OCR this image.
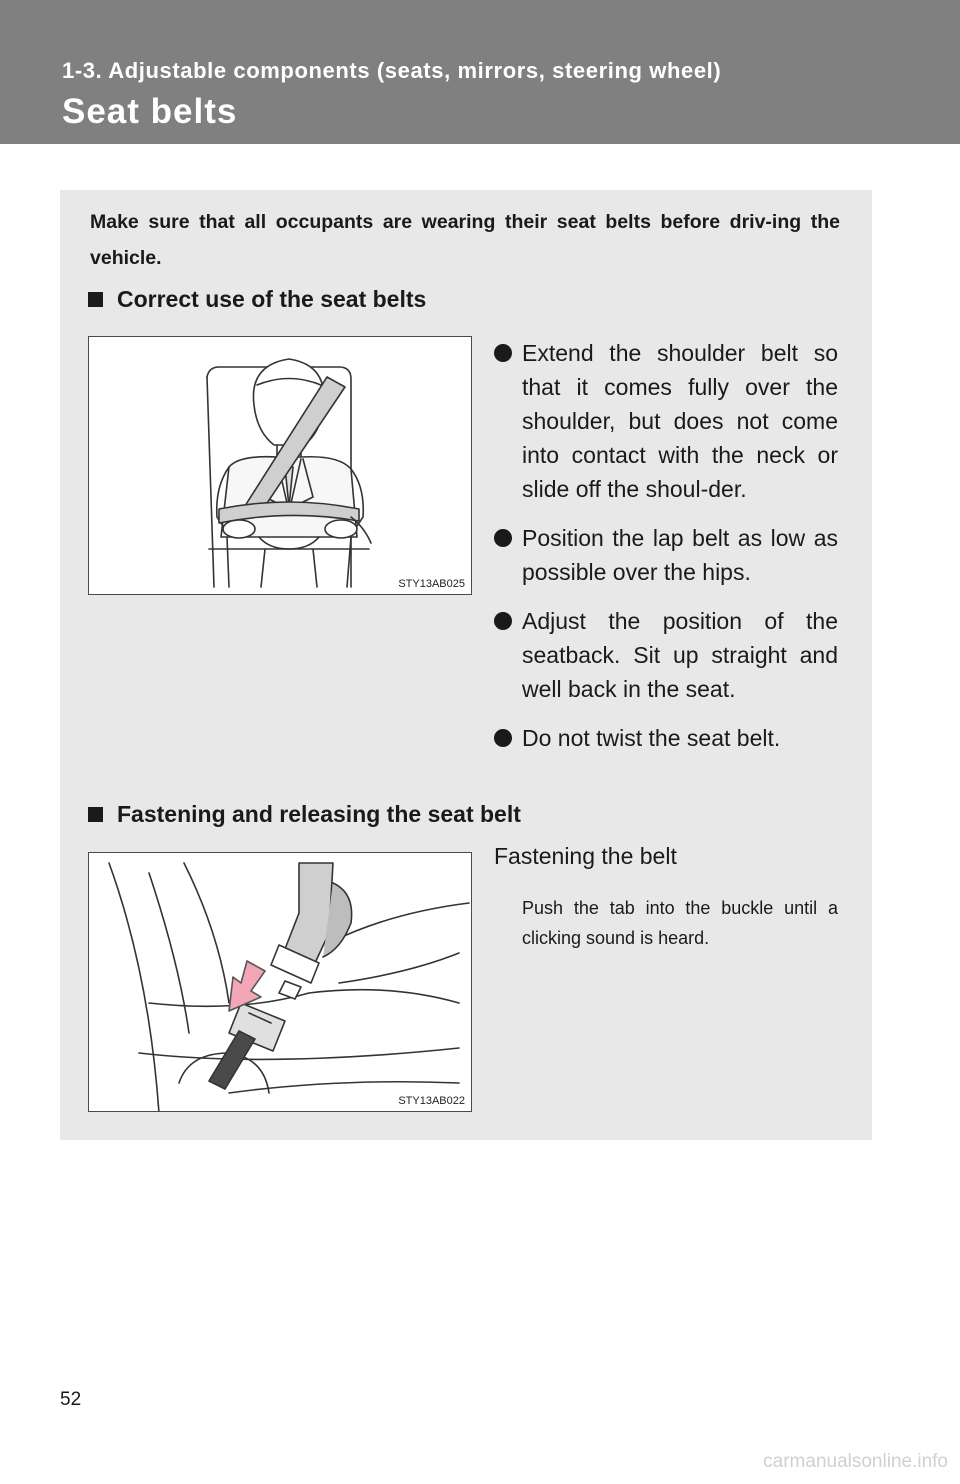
1-3. Adjustable components (seats, mirrors, steering wheel)
Seat belts
Make sure that all occupants are wearing their seat belts before driv-ing the vehicle.
Correct use of the seat belts
STY13AB025
Extend the shoulder belt so that it comes fully over the shoulder, but does not come into contact with the neck or slide off the shoul-der.
Position the lap belt as low as possible over the hips.
Adjust the position of the seatback. Sit up straight and well back in the seat.
Do not twist the seat belt.
Fastening and releasing the seat belt
STY13AB022
Fastening the belt
Push the tab into the buckle until a clicking sound is heard.
52
carmanualsonline.info
